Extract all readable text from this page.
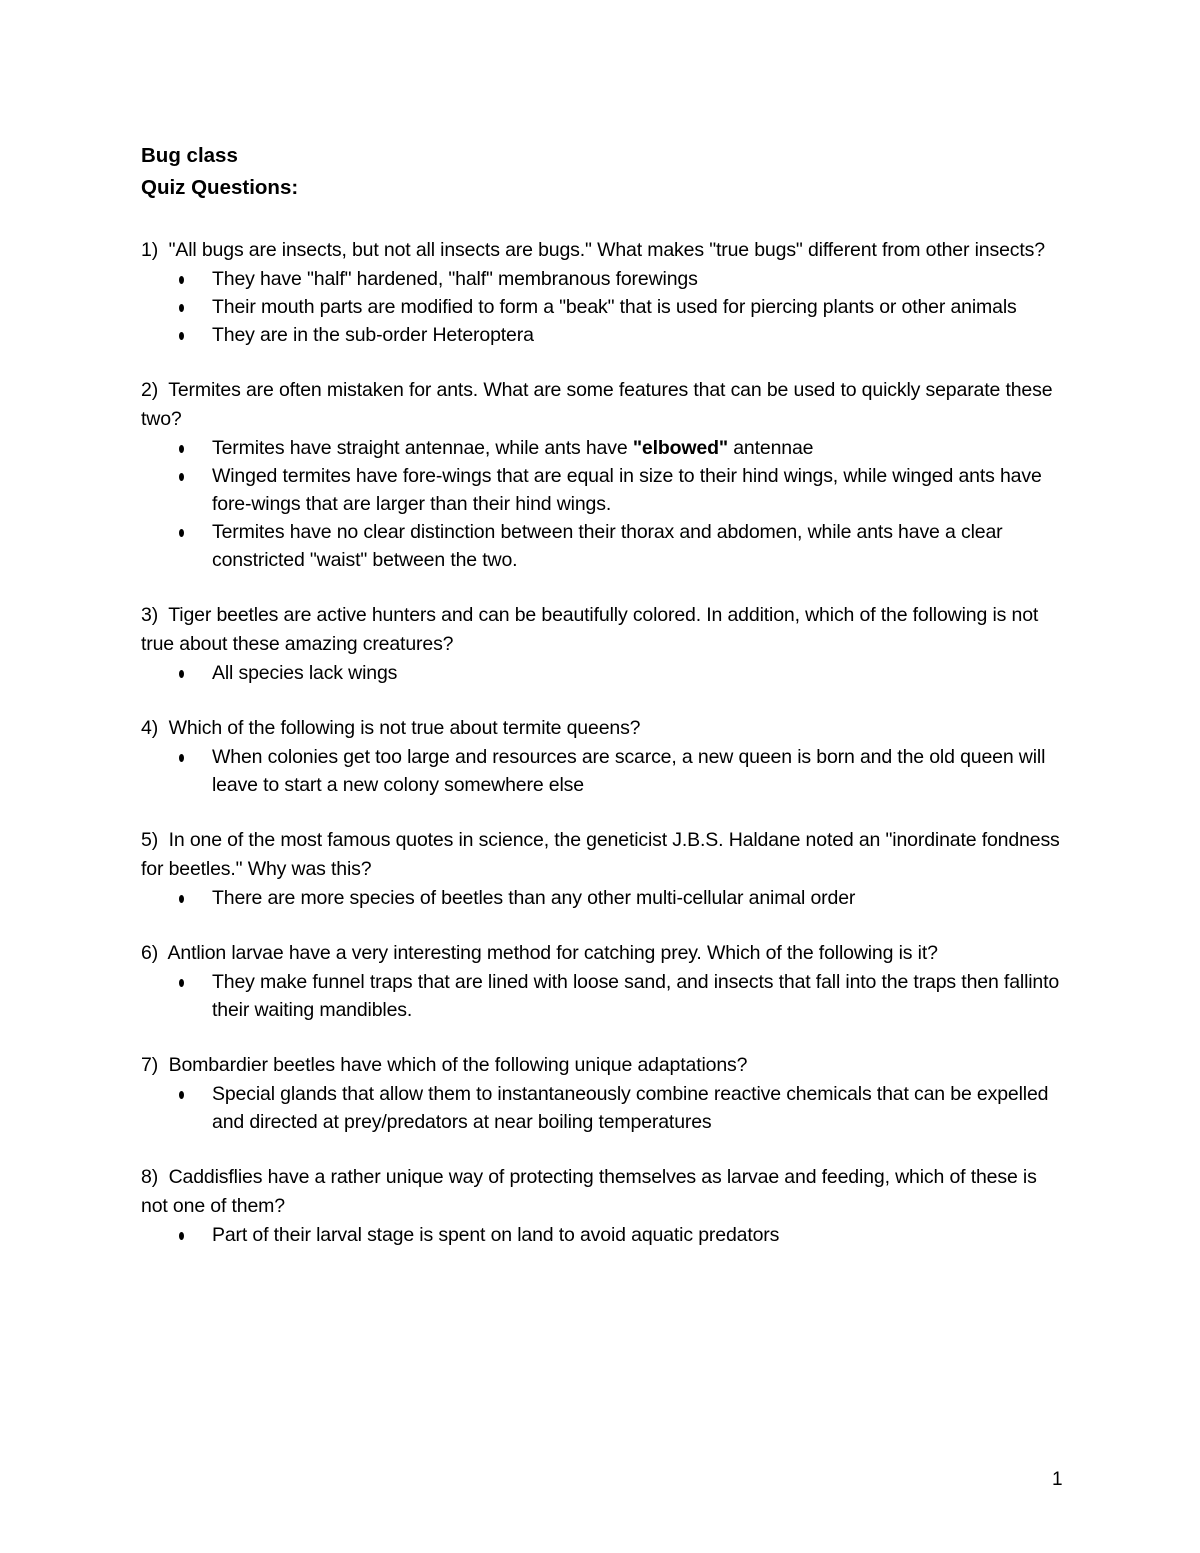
Bug class

Quiz Questions:

1) "All bugs are insects, but not all insects are bugs." What makes "true bugs" different from other insects?

They have "half" hardened, "half" membranous forewings
Their mouth parts are modified to form a "beak" that is used for piercing plants or other animals
They are in the sub-order Heteroptera

2) Termites are often mistaken for ants. What are some features that can be used to quickly separate these two?

Termites have straight antennae, while ants have "elbowed" antennae
Winged termites have fore-wings that are equal in size to their hind wings, while winged ants have fore-wings that are larger than their hind wings.
Termites have no clear distinction between their thorax and abdomen, while ants have a clear constricted "waist" between the two.

3) Tiger beetles are active hunters and can be beautifully colored. In addition, which of the following is not true about these amazing creatures?

All species lack wings

4) Which of the following is not true about termite queens?

When colonies get too large and resources are scarce, a new queen is born and the old queen will leave to start a new colony somewhere else

5) In one of the most famous quotes in science, the geneticist J.B.S. Haldane noted an "inordinate fondness for beetles." Why was this?

There are more species of beetles than any other multi-cellular animal order

6) Antlion larvae have a very interesting method for catching prey. Which of the following is it?

They make funnel traps that are lined with loose sand, and insects that fall into the traps then fallinto their waiting mandibles.

7) Bombardier beetles have which of the following unique adaptations?

Special glands that allow them to instantaneously combine reactive chemicals that can be expelled and directed at prey/predators at near boiling temperatures

8) Caddisflies have a rather unique way of protecting themselves as larvae and feeding, which of these is not one of them?

Part of their larval stage is spent on land to avoid aquatic predators
1
